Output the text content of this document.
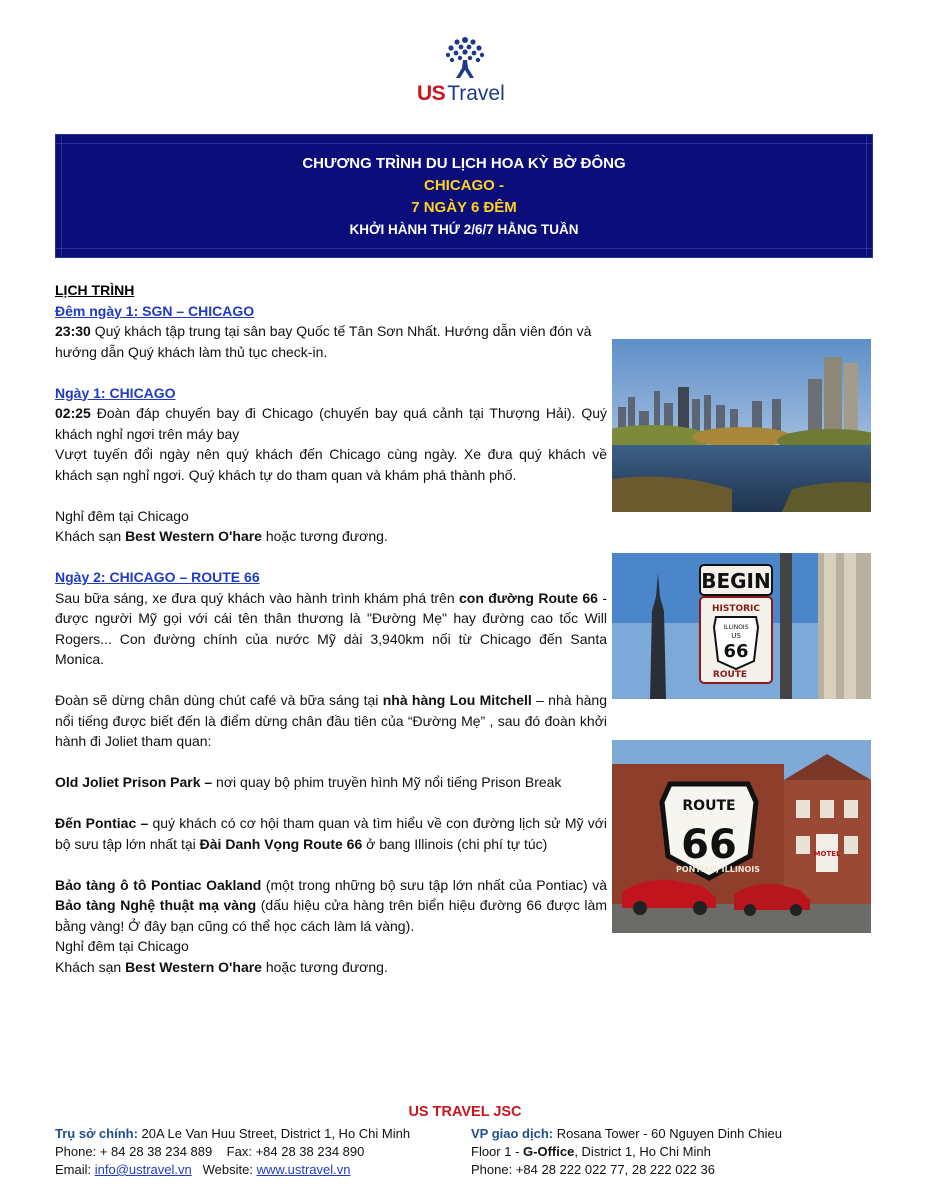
USTravel
CHƯƠNG TRÌNH DU LỊCH HOA KỲ BỜ ĐÔNG
CHICAGO -
7 NGÀY 6 ĐÊM
KHỞI HÀNH THỨ 2/6/7 HẰNG TUẦN

LỊCH TRÌNH

Đêm ngày 1: SGN – CHICAGO

23:30 Quý khách tập trung tại sân bay Quốc tế Tân Sơn Nhất. Hướng dẫn viên đón và hướng dẫn Quý khách làm thủ tục check-in.

Ngày 1: CHICAGO

02:25 Đoàn đáp chuyến bay đi Chicago (chuyến bay quá cảnh tại Thượng Hải). Quý khách nghỉ ngơi trên máy bay

Vượt tuyến đổi ngày nên quý khách đến Chicago cùng ngày. Xe đưa quý khách về khách sạn nghỉ ngơi. Quý khách tự do tham quan và khám phá thành phố.

Nghỉ đêm tại Chicago

Khách sạn Best Western O'hare hoặc tương đương.

Ngày 2: CHICAGO – ROUTE 66

Sau bữa sáng, xe đưa quý khách vào hành trình khám phá trên con đường Route 66 - được người Mỹ gọi với cái tên thân thương là "Đường Mẹ" hay đường cao tốc Will Rogers... Con đường chính của nước Mỹ dài 3,940km nối từ Chicago đến Santa Monica.

Đoàn sẽ dừng chân dùng chút café và bữa sáng tại nhà hàng Lou Mitchell – nhà hàng nổi tiếng được biết đến là điểm dừng chân đầu tiên của “Đường Mẹ” , sau đó đoàn khởi hành đi Joliet tham quan:

Old Joliet Prison Park – nơi quay bộ phim truyền hình Mỹ nổi tiếng Prison Break

Đến Pontiac – quý khách có cơ hội tham quan và tìm hiểu về con đường lịch sử Mỹ với bộ sưu tập lớn nhất tại Đài Danh Vọng Route 66 ở bang Illinois (chi phí tự túc)

Bảo tàng ô tô Pontiac Oakland (một trong những bộ sưu tập lớn nhất của Pontiac) và Bảo tàng Nghệ thuật mạ vàng (dấu hiệu cửa hàng trên biển hiệu đường 66 được làm bằng vàng! Ở đây bạn cũng có thể học cách làm lá vàng).

Nghỉ đêm tại Chicago

Khách sạn Best Western O'hare hoặc tương đương.

BEGIN
HISTORIC
ILLINOIS
US
66
ROUTE
MOTEL
ROUTE
66
PONTIAC, ILLINOIS
US TRAVEL JSC
Trụ sở chính: 20A Le Van Huu Street, District 1, Ho Chi Minh
Phone: + 84 28 38 234 889    Fax: +84 28 38 234 890
Email: info@ustravel.vn   Website: www.ustravel.vn
VP giao dịch: Rosana Tower - 60 Nguyen Dinh Chieu
Floor 1 - G-Office, District 1, Ho Chi Minh
Phone: +84 28 222 022 77, 28 222 022 36
